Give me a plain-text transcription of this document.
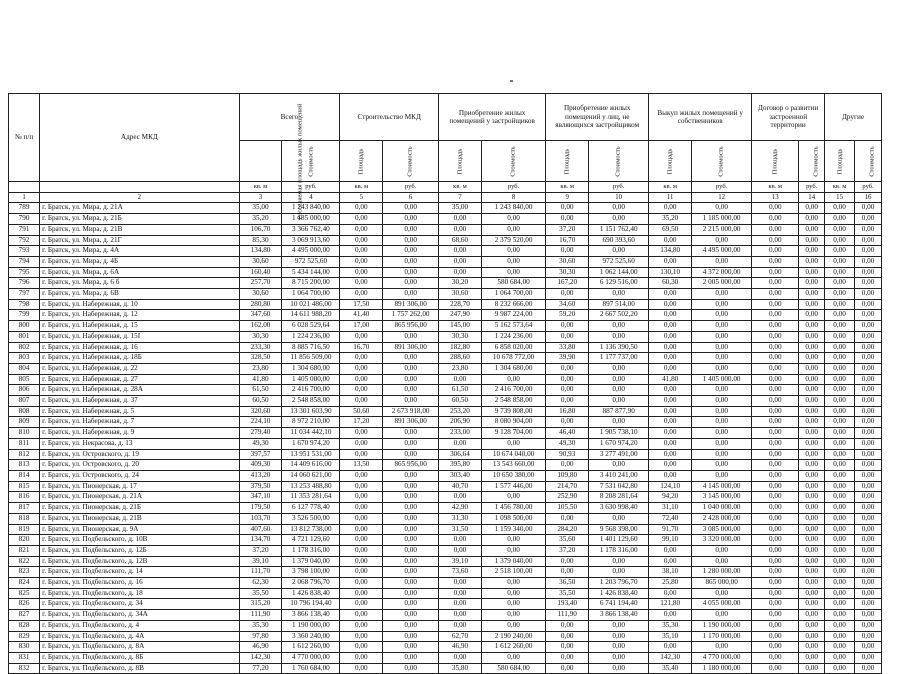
№ п/п	Адрес МКД	Всего		Строительство МКД		Приобретение жилых помещений у застройщиков		Приобретение жилых помещений у лиц, не являющихся застройщиком		Выкуп жилых помещений у собственников		Договор о развитии застроенной территории		Другие	
		Расселяемая площадь жилых помещений	Стоимость	Площадь	Стоимость	Площадь	Стоимость	Площадь	Стоимость	Площадь	Стоимость	Площадь	Стоимость	Площадь	Стоимость
		кв. м	руб.	кв. м	руб.	кв. м	руб.	кв. м	руб.	кв. м	руб.	кв. м	руб.	кв. м	руб.
1	2	3	4	5	6	7	8	9	10	11	12	13	14	15	16
789	г. Братск, ул. Мира, д. 21А	35,00	1 243 840,00	0,00	0,00	35,00	1 243 840,00	0,00	0,00	0,00	0,00	0,00	0,00	0,00	0,00
790	г. Братск, ул. Мира, д. 21Б	35,20	1 185 000,00	0,00	0,00	0,00	0,00	0,00	0,00	35,20	1 185 000,00	0,00	0,00	0,00	0,00
791	г. Братск, ул. Мира, д. 21В	106,70	3 366 762,40	0,00	0,00	0,00	0,00	37,20	1 151 762,40	69,50	2 215 000,00	0,00	0,00	0,00	0,00
792	г. Братск, ул. Мира, д. 21Г	85,30	3 069 913,60	0,00	0,00	68,60	2 379 520,00	16,70	690 393,60	0,00	0,00	0,00	0,00	0,00	0,00
793	г. Братск, ул. Мира, д. 4А	134,80	4 495 000,00	0,00	0,00	0,00	0,00	0,00	0,00	134,80	4 495 000,00	0,00	0,00	0,00	0,00
794	г. Братск, ул. Мира, д. 4Б	30,60	972 525,60	0,00	0,00	0,00	0,00	30,60	972 525,60	0,00	0,00	0,00	0,00	0,00	0,00
795	г. Братск, ул. Мира, д. 6А	160,40	5 434 144,00	0,00	0,00	0,00	0,00	30,30	1 062 144,00	130,10	4 372 000,00	0,00	0,00	0,00	0,00
796	г. Братск, ул. Мира, д. 6 б	257,70	8 715 200,00	0,00	0,00	30,20	580 684,00	167,20	6 129 516,00	60,30	2 005 000,00	0,00	0,00	0,00	0,00
797	г. Братск, ул. Мира, д. 6В	30,60	1 064 700,00	0,00	0,00	30,60	1 064 700,00	0,00	0,00	0,00	0,00	0,00	0,00	0,00	0,00
798	г. Братск, ул. Набережная, д. 10	280,80	10 021 486,00	17,50	891 306,00	228,70	8 232 666,00	34,60	897 514,00	0,00	0,00	0,00	0,00	0,00	0,00
799	г. Братск, ул. Набережная, д. 12	347,60	14 611 988,20	41,40	1 757 262,00	247,90	9 987 224,00	59,20	2 667 502,20	0,00	0,00	0,00	0,00	0,00	0,00
800	г. Братск, ул. Набережная, д. 15	162,00	6 028 529,64	17,00	865 956,00	145,00	5 162 573,64	0,00	0,00	0,00	0,00	0,00	0,00	0,00	0,00
801	г. Братск, ул. Набережная, д. 15І	30,30	1 224 236,00	0,00	0,00	30,30	1 224 236,00	0,00	0,00	0,00	0,00	0,00	0,00	0,00	0,00
802	г. Братск, ул. Набережная, д. 16	233,30	8 885 716,50	16,70	891 306,00	182,80	6 858 020,00	33,80	1 136 390,50	0,00	0,00	0,00	0,00	0,00	0,00
803	г. Братск, ул. Набережная, д. 18Б	328,50	11 856 509,00	0,00	0,00	288,60	10 678 772,00	39,90	1 177 737,00	0,00	0,00	0,00	0,00	0,00	0,00
804	г. Братск, ул. Набережная, д. 22	23,80	1 304 680,00	0,00	0,00	23,80	1 304 680,00	0,00	0,00	0,00	0,00	0,00	0,00	0,00	0,00
805	г. Братск, ул. Набережная, д. 27	41,80	1 405 000,00	0,00	0,00	0,00	0,00	0,00	0,00	41,80	1 405 000,00	0,00	0,00	0,00	0,00
806	г. Братск, ул. Набережная, д. 28А	61,50	2 416 700,00	0,00	0,00	61,50	2 416 700,00	0,00	0,00	0,00	0,00	0,00	0,00	0,00	0,00
807	г. Братск, ул. Набережная, д. 37	60,50	2 548 858,00	0,00	0,00	60,50	2 548 858,00	0,00	0,00	0,00	0,00	0,00	0,00	0,00	0,00
808	г. Братск, ул. Набережная, д. 5	320,60	13 301 603,90	50,60	2 673 918,00	253,20	9 739 808,00	16,80	887 877,90	0,00	0,00	0,00	0,00	0,00	0,00
809	г. Братск, ул. Набережная, д. 7	224,10	8 972 210,00	17,20	891 306,00	206,90	8 080 904,00	0,00	0,00	0,00	0,00	0,00	0,00	0,00	0,00
810	г. Братск, ул. Набережная, д. 9	279,40	11 034 442,10	0,00	0,00	233,00	9 128 704,00	46,40	1 905 738,10	0,00	0,00	0,00	0,00	0,00	0,00
811	г. Братск, ул. Некрасова, д. 13	49,30	1 670 974,20	0,00	0,00	0,00	0,00	49,30	1 670 974,20	0,00	0,00	0,00	0,00	0,00	0,00
812	г. Братск, ул. Островского, д. 19	397,57	13 951 531,00	0,00	0,00	306,64	10 674 040,00	90,93	3 277 491,00	0,00	0,00	0,00	0,00	0,00	0,00
813	г. Братск, ул. Островского, д. 20	409,30	14 409 616,00	13,50	865 956,00	395,80	13 543 660,00	0,00	0,00	0,00	0,00	0,00	0,00	0,00	0,00
814	г. Братск, ул. Островского, д. 24	413,20	14 060 621,00	0,00	0,00	303,40	10 650 380,00	109,80	3 410 241,00	0,00	0,00	0,00	0,00	0,00	0,00
815	г. Братск, ул. Пионерская, д. 17	379,50	13 253 488,80	0,00	0,00	40,70	1 577 446,00	214,70	7 531 042,80	124,10	4 145 000,00	0,00	0,00	0,00	0,00
816	г. Братск, ул. Пионерская, д. 21А	347,10	11 353 281,64	0,00	0,00	0,00	0,00	252,90	8 208 281,64	94,20	3 145 000,00	0,00	0,00	0,00	0,00
817	г. Братск, ул. Пионерская, д. 21Б	179,50	6 127 778,40	0,00	0,00	42,90	1 456 780,00	105,50	3 630 998,40	31,10	1 040 000,00	0,00	0,00	0,00	0,00
818	г. Братск, ул. Пионерская, д. 21В	103,70	3 526 500,00	0,00	0,00	31,30	1 098 500,00	0,00	0,00	72,40	2 428 000,00	0,00	0,00	0,00	0,00
819	г. Братск, ул. Пионерская, д. 9А	407,60	13 812 738,00	0,00	0,00	31,50	1 159 340,00	284,20	9 568 398,00	91,70	3 085 000,00	0,00	0,00	0,00	0,00
820	г. Братск, ул. Подбельского, д. 10В	134,70	4 721 129,60	0,00	0,00	0,00	0,00	35,60	1 401 129,60	99,10	3 320 000,00	0,00	0,00	0,00	0,00
821	г. Братск, ул. Подбельского, д. 12Б	37,20	1 178 316,00	0,00	0,00	0,00	0,00	37,20	1 178 316,00	0,00	0,00	0,00	0,00	0,00	0,00
822	г. Братск, ул. Подбельского, д. 12В	39,10	1 379 040,00	0,00	0,00	39,10	1 379 040,00	0,00	0,00	0,00	0,00	0,00	0,00	0,00	0,00
823	г. Братск, ул. Подбельского, д. 14	111,70	3 798 100,00	0,00	0,00	73,60	2 518 100,00	0,00	0,00	38,10	1 280 000,00	0,00	0,00	0,00	0,00
824	г. Братск, ул. Подбельского, д. 16	62,30	2 068 796,70	0,00	0,00	0,00	0,00	36,50	1 203 796,70	25,80	865 000,00	0,00	0,00	0,00	0,00
825	г. Братск, ул. Подбельского, д. 18	35,50	1 426 838,40	0,00	0,00	0,00	0,00	35,50	1 426 838,40	0,00	0,00	0,00	0,00	0,00	0,00
826	г. Братск, ул. Подбельского, д. 34	315,20	10 796 194,40	0,00	0,00	0,00	0,00	193,40	6 741 194,40	121,80	4 055 000,00	0,00	0,00	0,00	0,00
827	г. Братск, ул. Подбельского, д. 34А	111,90	3 866 138,40	0,00	0,00	0,00	0,00	111,90	3 866 138,40	0,00	0,00	0,00	0,00	0,00	0,00
828	г. Братск, ул. Подбельского, д. 4	35,30	1 190 000,00	0,00	0,00	0,00	0,00	0,00	0,00	35,30	1 190 000,00	0,00	0,00	0,00	0,00
829	г. Братск, ул. Подбельского, д. 4А	97,80	3 360 240,00	0,00	0,00	62,70	2 190 240,00	0,00	0,00	35,10	1 170 000,00	0,00	0,00	0,00	0,00
830	г. Братск, ул. Подбельского, д. 8А	46,90	1 612 260,00	0,00	0,00	46,90	1 612 260,00	0,00	0,00	0,00	0,00	0,00	0,00	0,00	0,00
831	г. Братск, ул. Подбельского, д. 8Б	142,30	4 770 000,00	0,00	0,00	0,00	0,00	0,00	0,00	142,30	4 770 000,00	0,00	0,00	0,00	0,00
832	г. Братск, ул. Подбельского, д. 8В	77,20	1 760 684,00	0,00	0,00	35,80	580 684,00	0,00	0,00	35,40	1 180 000,00	0,00	0,00	0,00	0,00
